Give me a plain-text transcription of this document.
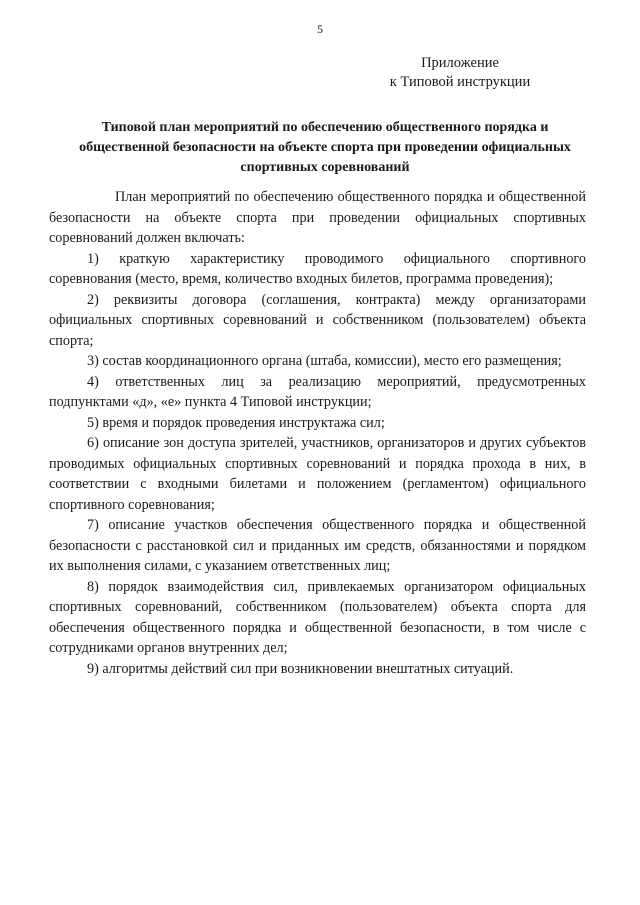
5
Приложение
к Типовой инструкции
Типовой план мероприятий по обеспечению общественного порядка и
общественной безопасности на объекте спорта при проведении официальных
спортивных соревнований

План мероприятий по обеспечению общественного порядка и общественной безопасности на объекте спорта при проведении официальных спортивных соревнований должен включать:

1) краткую характеристику проводимого официального спортивного соревнования (место, время, количество входных билетов, программа проведения);

2) реквизиты договора (соглашения, контракта) между организаторами официальных спортивных соревнований и собственником (пользователем) объекта спорта;

3) состав координационного органа (штаба, комиссии), место его размещения;

4) ответственных лиц за реализацию мероприятий, предусмотренных подпунктами «д», «е» пункта 4 Типовой инструкции;

5) время и порядок проведения инструктажа сил;

6) описание зон доступа зрителей, участников, организаторов и других субъектов проводимых официальных спортивных соревнований и порядка прохода в них, в соответствии с входными билетами и положением (регламентом) официального спортивного соревнования;

7) описание участков обеспечения общественного порядка и общественной безопасности с расстановкой сил и приданных им средств, обязанностями и порядком их выполнения силами, с указанием ответственных лиц;

8) порядок взаимодействия сил, привлекаемых организатором официальных спортивных соревнований, собственником (пользователем) объекта спорта для обеспечения общественного порядка и общественной безопасности, в том числе с сотрудниками органов внутренних дел;

9) алгоритмы действий сил при возникновении внештатных ситуаций.
